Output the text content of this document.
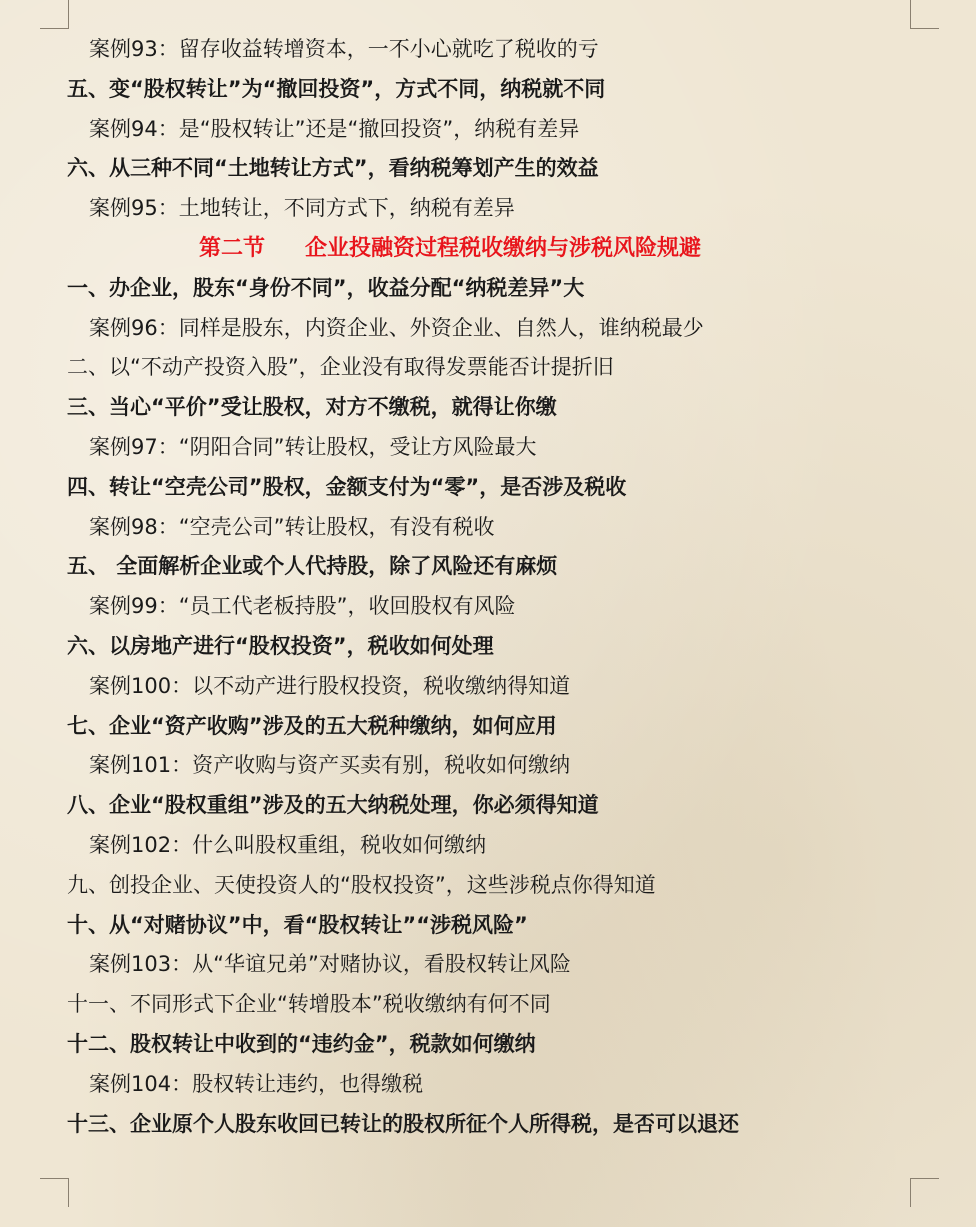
案例93：留存收益转增资本，一不小心就吃了税收的亏
五、变“股权转让”为“撤回投资”，方式不同，纳税就不同
案例94：是“股权转让”还是“撤回投资”，纳税有差异
六、从三种不同“土地转让方式”，看纳税筹划产生的效益
案例95：土地转让，不同方式下，纳税有差异
第二节 企业投融资过程税收缴纳与涉税风险规避
一、办企业，股东“身份不同”，收益分配“纳税差异”大
案例96：同样是股东，内资企业、外资企业、自然人，谁纳税最少
二、以“不动产投资入股”，企业没有取得发票能否计提折旧
三、当心“平价”受让股权，对方不缴税，就得让你缴
案例97：“阴阳合同”转让股权，受让方风险最大
四、转让“空壳公司”股权，金额支付为“零”，是否涉及税收
案例98：“空壳公司”转让股权，有没有税收
五、 全面解析企业或个人代持股，除了风险还有麻烦
案例99：“员工代老板持股”，收回股权有风险
六、以房地产进行“股权投资”，税收如何处理
案例100：以不动产进行股权投资，税收缴纳得知道
七、企业“资产收购”涉及的五大税种缴纳，如何应用
案例101：资产收购与资产买卖有别，税收如何缴纳
八、企业“股权重组”涉及的五大纳税处理，你必须得知道
案例102：什么叫股权重组，税收如何缴纳
九、创投企业、天使投资人的“股权投资”，这些涉税点你得知道
十、从“对赌协议”中，看“股权转让”“涉税风险”
案例103：从“华谊兄弟”对赌协议，看股权转让风险
十一、不同形式下企业“转增股本”税收缴纳有何不同
十二、股权转让中收到的“违约金”，税款如何缴纳
案例104：股权转让违约，也得缴税
十三、企业原个人股东收回已转让的股权所征个人所得税，是否可以退还
